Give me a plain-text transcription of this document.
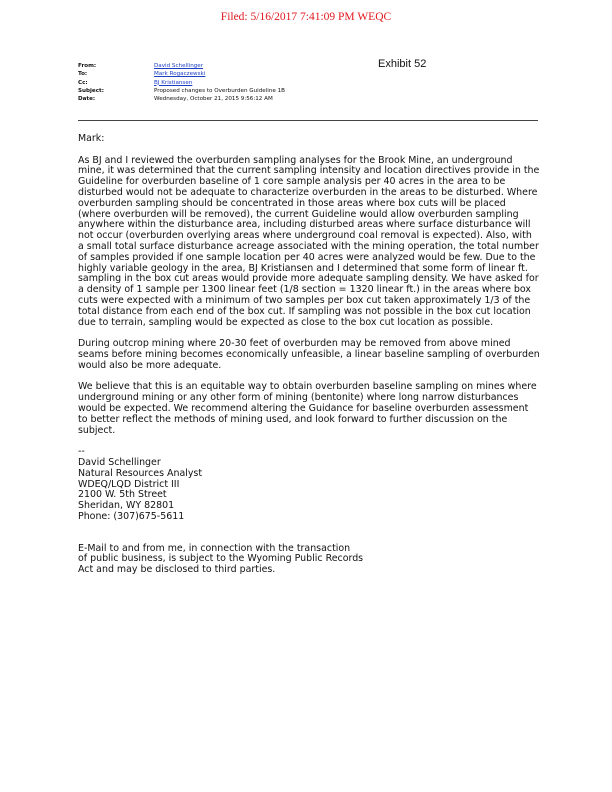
Filed: 5/16/2017 7:41:09 PM WEQC
Exhibit 52
From:	David Schellinger
To:	Mark Rogaczewski
Cc:	BJ Kristiansen
Subject:	Proposed changes to Overburden Guideline 1B
Date:	Wednesday, October 21, 2015 9:56:12 AM

Mark:

As BJ and I reviewed the overburden sampling analyses for the Brook Mine, an underground mine, it was determined that the current sampling intensity and location directives provide in the Guideline for overburden baseline of 1 core sample analysis per 40 acres in the area to be disturbed would not be adequate to characterize overburden in the areas to be disturbed. Where overburden sampling should be concentrated in those areas where box cuts will be placed (where overburden will be removed), the current Guideline would allow overburden sampling anywhere within the disturbance area, including disturbed areas where surface disturbance will not occur (overburden overlying areas where underground coal removal is expected). Also, with a small total surface disturbance acreage associated with the mining operation, the total number of samples provided if one sample location per 40 acres were analyzed would be few. Due to the highly variable geology in the area, BJ Kristiansen and I determined that some form of linear ft. sampling in the box cut areas would provide more adequate sampling density. We have asked for a density of 1 sample per 1300 linear feet (1/8 section = 1320 linear ft.) in the areas where box cuts were expected with a minimum of two samples per box cut taken approximately 1/3 of the total distance from each end of the box cut. If sampling was not possible in the box cut location due to terrain, sampling would be expected as close to the box cut location as possible.

During outcrop mining where 20-30 feet of overburden may be removed from above mined seams before mining becomes economically unfeasible, a linear baseline sampling of overburden would also be more adequate.

We believe that this is an equitable way to obtain overburden baseline sampling on mines where underground mining or any other form of mining (bentonite) where long narrow disturbances would be expected. We recommend altering the Guidance for baseline overburden assessment to better reflect the methods of mining used, and look forward to further discussion on the subject.

--
David Schellinger
Natural Resources Analyst
WDEQ/LQD District III
2100 W. 5th Street
Sheridan, WY 82801
Phone: (307)675-5611
E-Mail to and from me, in connection with the transaction
of public business, is subject to the Wyoming Public Records
Act and may be disclosed to third parties.
